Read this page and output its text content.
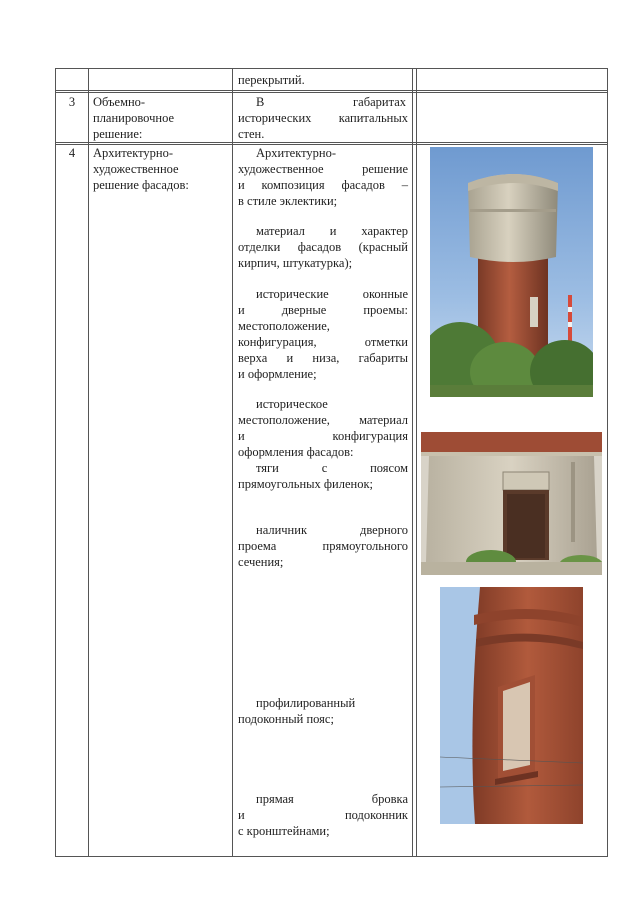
перекрытий.
3	Объемно-
планировочное
решение:
В габаритах
исторических капитальных
стен.
4	Архитектурно-
художественное
решение фасадов:
Архитектурно-
художественное решение
и композиция фасадов –
в стиле эклектики;
материал и характер
отделки фасадов (красный
кирпич, штукатурка);
исторические оконные
и дверные проемы:
местоположение,
конфигурация, отметки
верха и низа, габариты
и оформление;
историческое
местоположение, материал
и конфигурация
оформления фасадов:
тяги с поясом
прямоугольных филенок;
наличник дверного
проема прямоугольного
сечения;
профилированный
подоконный пояс;
прямая бровка
и подоконник
с кронштейнами;
